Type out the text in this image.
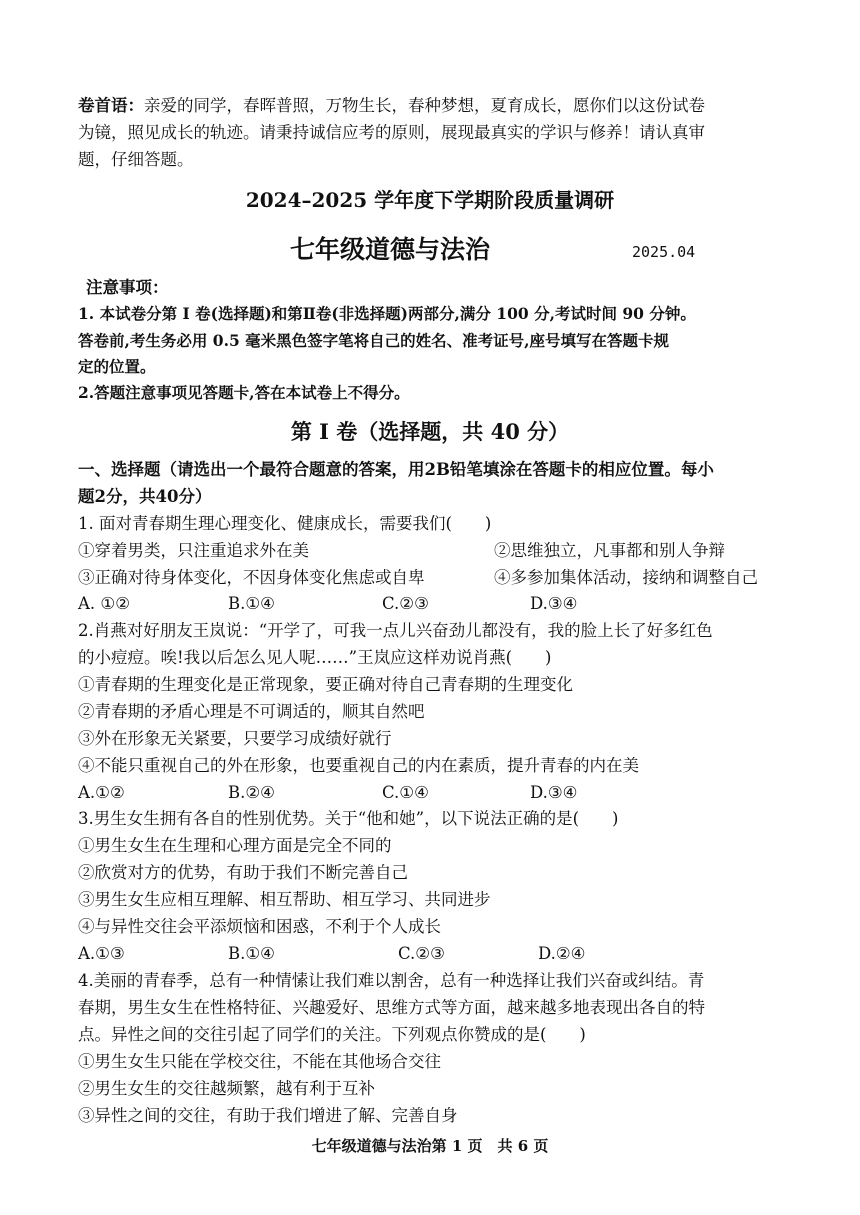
卷首语：亲爱的同学，春晖普照，万物生长，春种梦想，夏育成长，愿你们以这份试卷
为镜，照见成长的轨迹。请秉持诚信应考的原则，展现最真实的学识与修养！请认真审
题，仔细答题。
2024–2025 学年度下学期阶段质量调研
七年级道德与法治	2025.04
注意事项：
1. 本试卷分第 I 卷(选择题)和第Ⅱ卷(非选择题)两部分,满分 100 分,考试时间 90 分钟。
答卷前,考生务必用 0.5 毫米黑色签字笔将自己的姓名、准考证号,座号填写在答题卡规
定的位置。
2.答题注意事项见答题卡,答在本试卷上不得分。
第 I 卷（选择题，共 40 分）
一、选择题（请选出一个最符合题意的答案，用2B铅笔填涂在答题卡的相应位置。每小
题2分，共40分）
1. 面对青春期生理心理变化、健康成长，需要我们(　　)
①穿着男类，只注重追求外在美	②思维独立，凡事都和别人争辩
③正确对待身体变化，不因身体变化焦虑或自卑	④多参加集体活动，接纳和调整自己
A. ①②	B.①④	C.②③	D.③④
2.肖燕对好朋友王岚说：“开学了，可我一点儿兴奋劲儿都没有，我的脸上长了好多红色
的小痘痘。唉!我以后怎么见人呢……”王岚应这样劝说肖燕(　　)
①青春期的生理变化是正常现象，要正确对待自己青春期的生理变化
②青春期的矛盾心理是不可调适的，顺其自然吧
③外在形象无关紧要，只要学习成绩好就行
④不能只重视自己的外在形象，也要重视自己的内在素质，提升青春的内在美
A.①②	B.②④	C.①④	D.③④
3.男生女生拥有各自的性别优势。关于“他和她”，以下说法正确的是(　　)
①男生女生在生理和心理方面是完全不同的
②欣赏对方的优势，有助于我们不断完善自己
③男生女生应相互理解、相互帮助、相互学习、共同进步
④与异性交往会平添烦恼和困惑，不利于个人成长
A.①③	B.①④	C.②③	D.②④
4.美丽的青春季，总有一种情愫让我们难以割舍，总有一种选择让我们兴奋或纠结。青
春期，男生女生在性格特征、兴趣爱好、思维方式等方面，越来越多地表现出各自的特
点。异性之间的交往引起了同学们的关注。下列观点你赞成的是(　　)
①男生女生只能在学校交往，不能在其他场合交往
②男生女生的交往越频繁，越有利于互补
③异性之间的交往，有助于我们增进了解、完善自身
七年级道德与法治第 1 页　共 6 页
